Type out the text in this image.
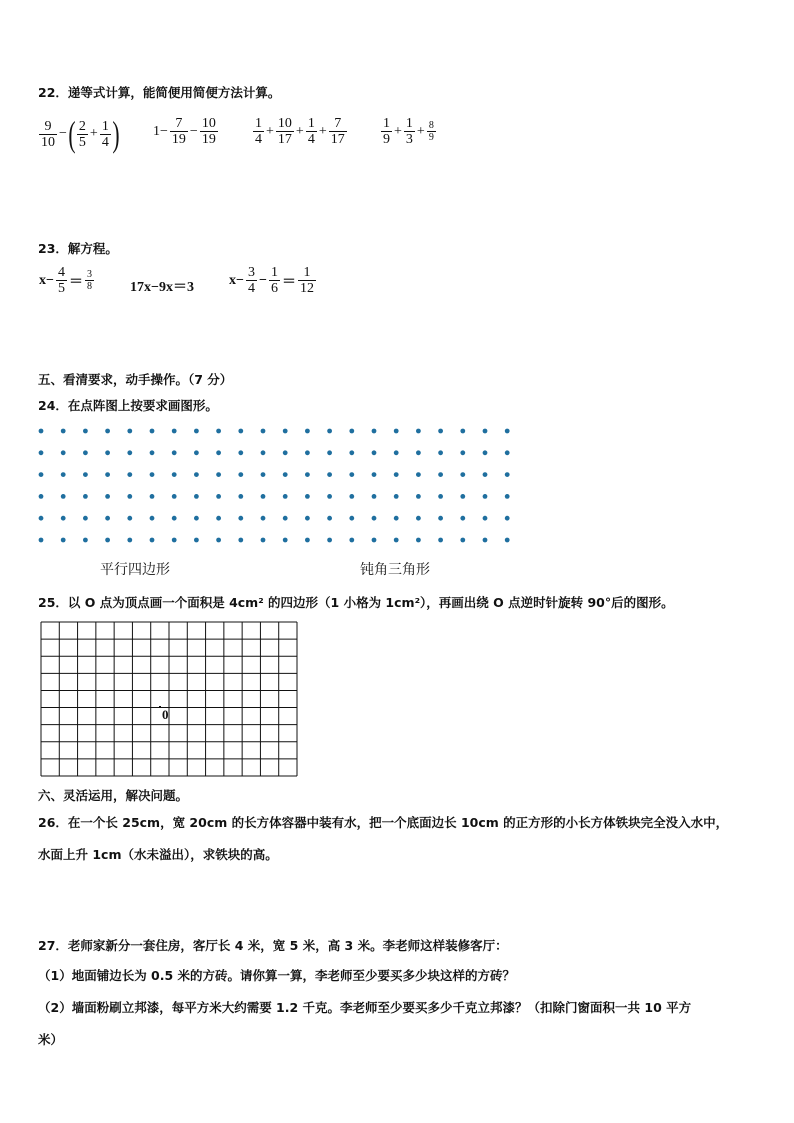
22．递等式计算，能简便用简便方法计算。
$\frac{9}{10}$ −( $\frac{2}{5} + \frac{1}{4}$ ) $1- \frac{7}{19} - \frac{10}{19}$	$\frac{1}{4} + \frac{10}{17} + \frac{1}{4} + \frac{7}{17} \frac{1}{9} + \frac{1}{3} + \frac{8}{9}$
23．解方程。
$x- \frac{4}{5} = \frac{3}{8}$	17x−9x＝3	$x- \frac{3}{4} - \frac{1}{6} = \frac{1}{12}$
五、看清要求，动手操作。（7 分）
24．在点阵图上按要求画图形。
平行四边形	钝角三角形
25．以 O 点为顶点画一个面积是 4cm² 的四边形（1 小格为 1cm²），再画出绕 O 点逆时针旋转 90°后的图形。
0
六、灵活运用，解决问题。
26．在一个长 25cm，宽 20cm 的长方体容器中装有水，把一个底面边长 10cm 的正方形的小长方体铁块完全没入水中，
水面上升 1cm（水未溢出），求铁块的高。
27．老师家新分一套住房，客厅长 4 米，宽 5 米，高 3 米。李老师这样装修客厅：
（1）地面铺边长为 0.5 米的方砖。请你算一算，李老师至少要买多少块这样的方砖？
（2）墙面粉刷立邦漆，每平方米大约需要 1.2 千克。李老师至少要买多少千克立邦漆？（扣除门窗面积一共 10 平方
米）
